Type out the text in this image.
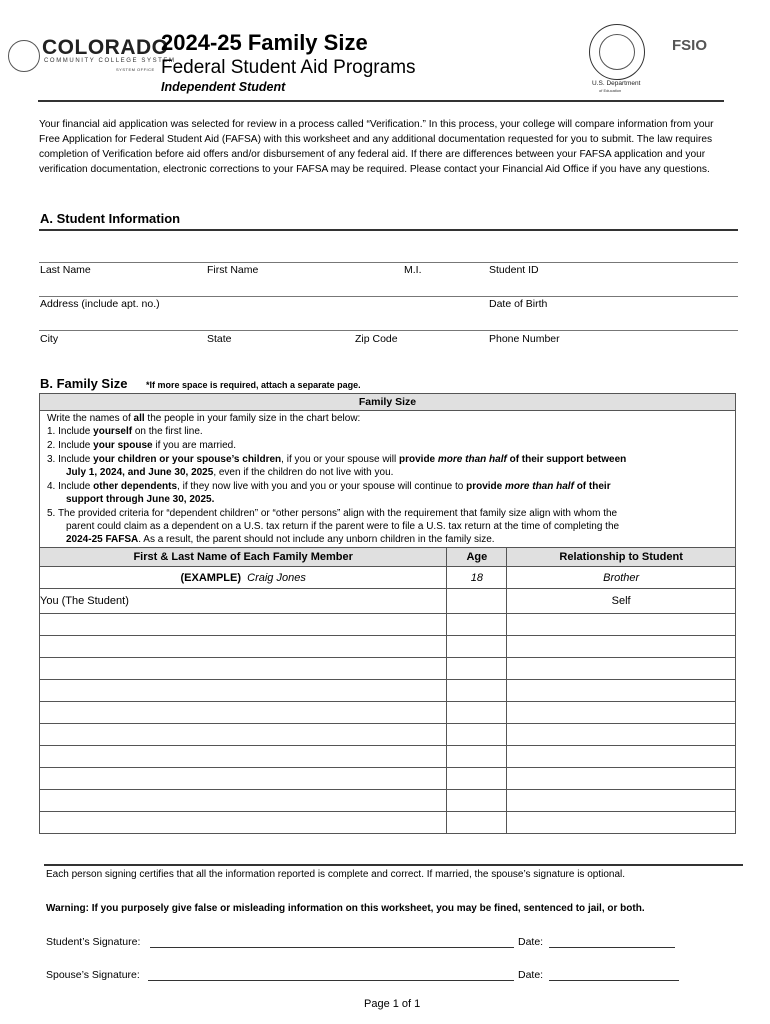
COLORADO
COMMUNITY COLLEGE SYSTEM
SYSTEM OFFICE
2024-25 Family Size
Federal Student Aid Programs
Independent Student	U.S. Department
of Education
FSIO
Your financial aid application was selected for review in a process called “Verification.” In this process, your college will compare information from your Free Application for Federal Student Aid (FAFSA) with this worksheet and any additional documentation requested for you to submit. The law requires completion of Verification before aid offers and/or disbursement of any federal aid. If there are differences between your FAFSA application and your verification documentation, electronic corrections to your FAFSA may be required. Please contact your Financial Aid Office if you have any questions.
A. Student Information
Last Name	First Name	M.I.	Student ID
Address (include apt. no.)	Date of Birth
City	State	Zip Code	Phone Number
B. Family Size *If more space is required, attach a separate page.
Family Size
Write the names of all the people in your family size in the chart below:
1. Include yourself on the first line.
2. Include your spouse if you are married.
3. Include your children or your spouse’s children, if you or your spouse will provide more than half of their support between
July 1, 2024, and June 30, 2025, even if the children do not live with you.
4. Include other dependents, if they now live with you and you or your spouse will continue to provide more than half of their
support through June 30, 2025.
5. The provided criteria for “dependent children” or “other persons” align with the requirement that family size align with whom the
parent could claim as a dependent on a U.S. tax return if the parent were to file a U.S. tax return at the time of completing the
2024-25 FAFSA. As a result, the parent should not include any unborn children in the family size.
First & Last Name of Each Family Member	Age	Relationship to Student
(EXAMPLE) Craig Jones	18	Brother
You (The Student)		Self

Each person signing certifies that all the information reported is complete and correct. If married, the spouse’s signature is optional.
Warning: If you purposely give false or misleading information on this worksheet, you may be fined, sentenced to jail, or both.
Student’s Signature:	Date:
Spouse’s Signature:	Date:
Page 1 of 1
